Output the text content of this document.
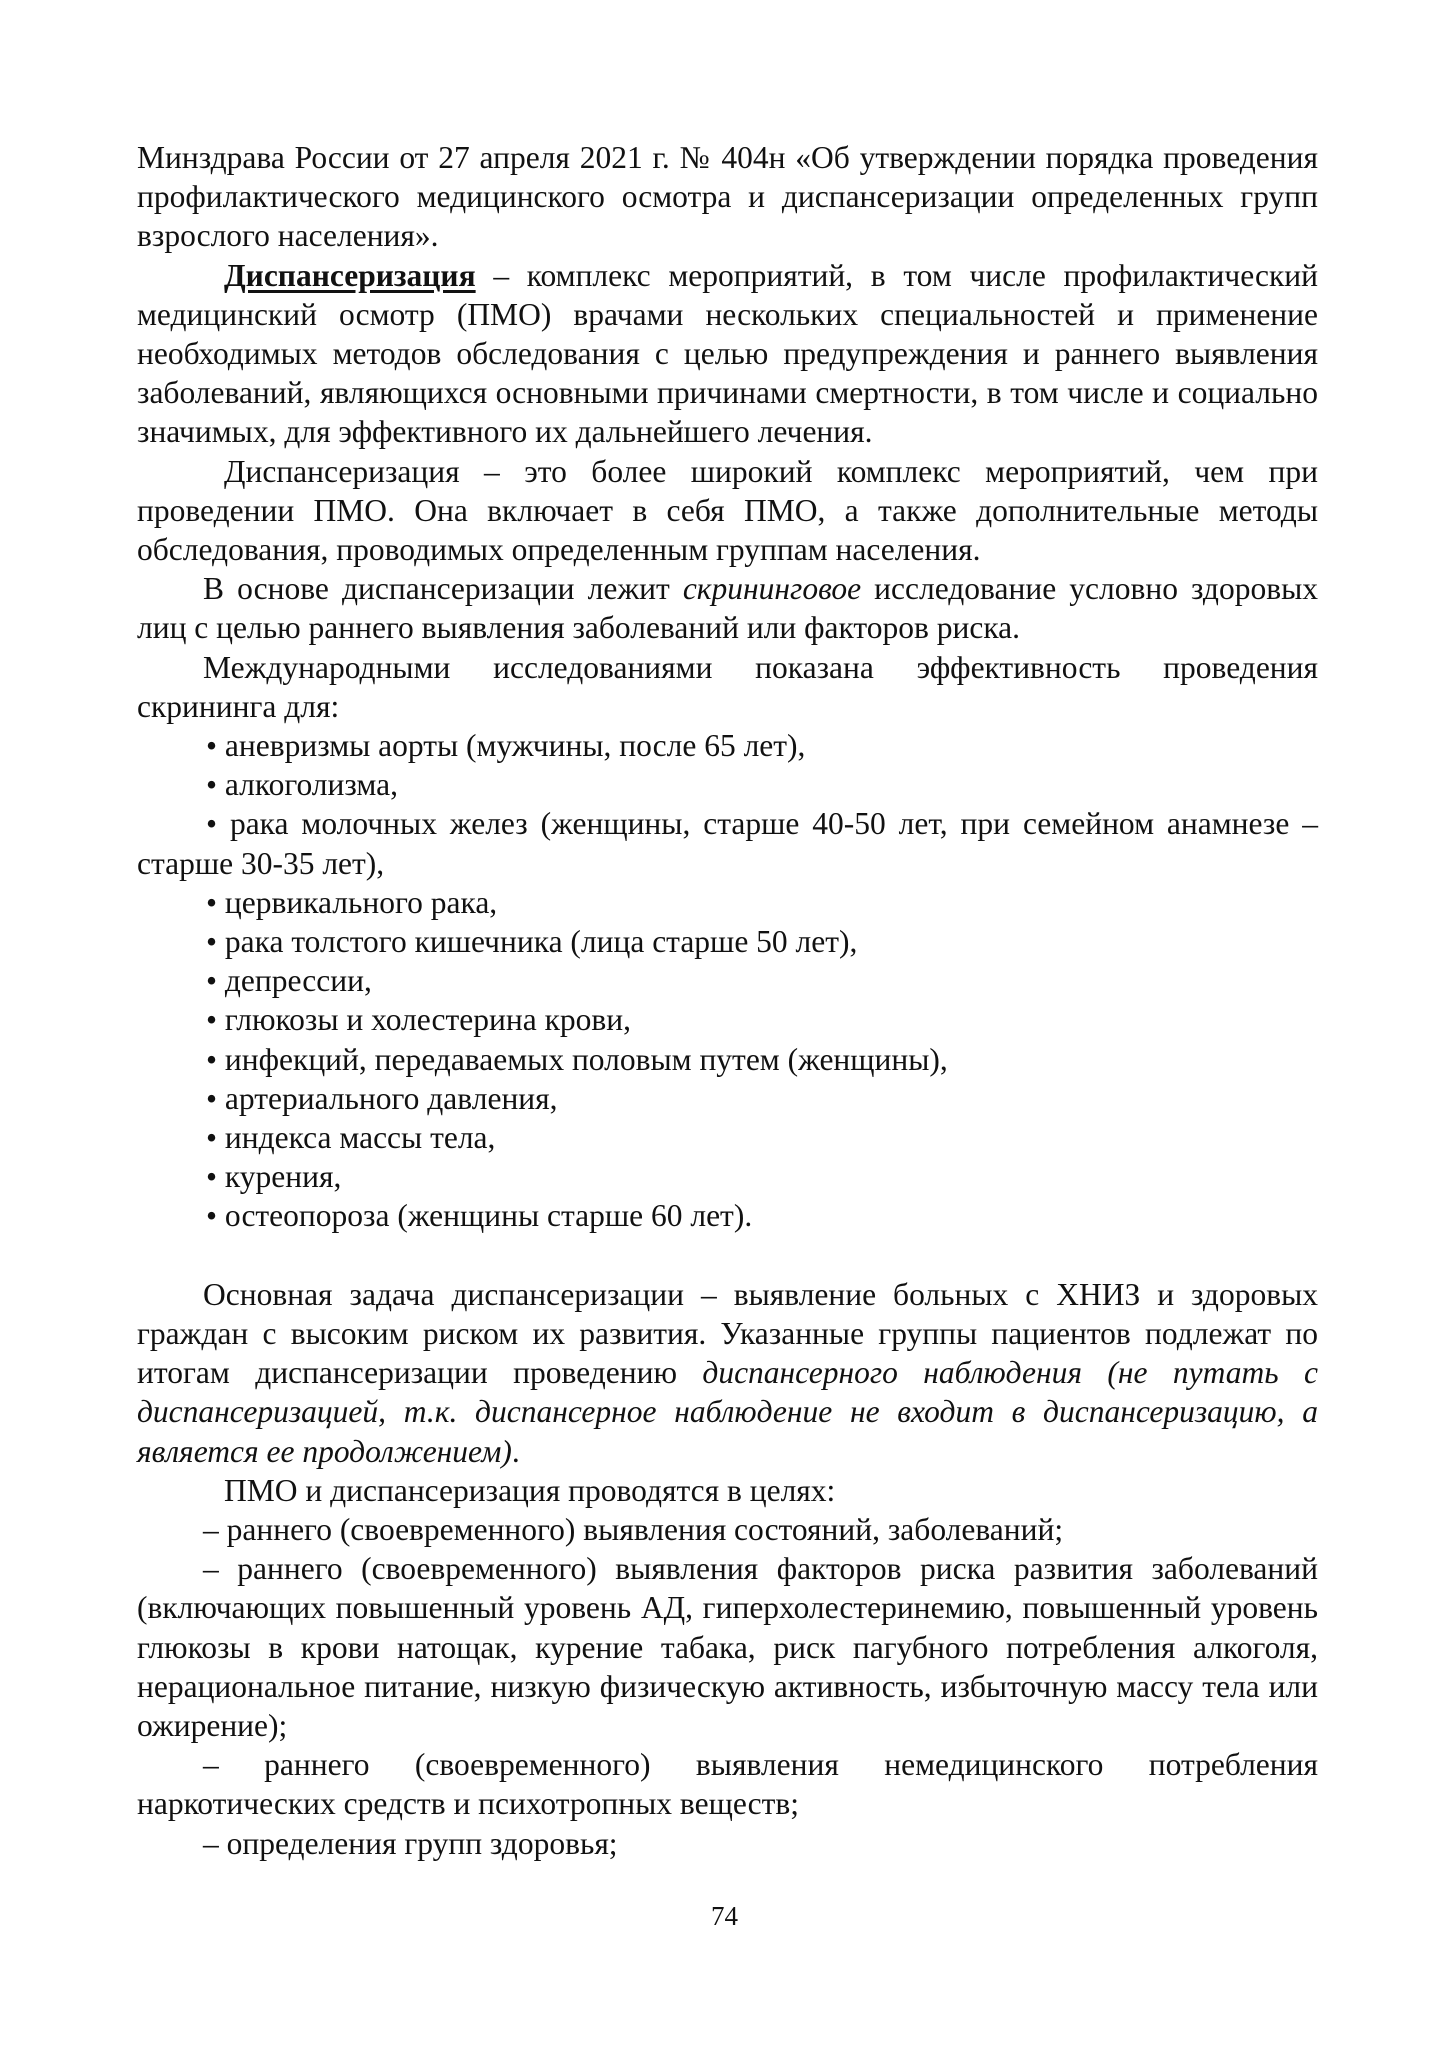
Минздрава России от 27 апреля 2021 г. № 404н «Об утверждении порядка проведения профилактического медицинского осмотра и диспансеризации определенных групп взрослого населения».

Диспансеризация – комплекс мероприятий, в том числе профилактический медицинский осмотр (ПМО) врачами нескольких специальностей и применение необходимых методов обследования с целью предупреждения и раннего выявления заболеваний, являющихся основными причинами смертности, в том числе и социально значимых, для эффективного их дальнейшего лечения.

Диспансеризация – это более широкий комплекс мероприятий, чем при проведении ПМО. Она включает в себя ПМО, а также дополнительные методы обследования, проводимых определенным группам населения.

В основе диспансеризации лежит скрининговое исследование условно здоровых лиц с целью раннего выявления заболеваний или факторов риска.

Международными исследованиями показана эффективность проведения скрининга для:

• аневризмы аорты (мужчины, после 65 лет),

• алкоголизма,

• рака молочных желез (женщины, старше 40-50 лет, при семейном анамнезе – старше 30-35 лет),

• цервикального рака,

• рака толстого кишечника (лица старше 50 лет),

• депрессии,

• глюкозы и холестерина крови,

• инфекций, передаваемых половым путем (женщины),

• артериального давления,

• индекса массы тела,

• курения,

• остеопороза (женщины старше 60 лет).

Основная задача диспансеризации – выявление больных с ХНИЗ и здоровых граждан с высоким риском их развития. Указанные группы пациентов подлежат по итогам диспансеризации проведению диспансерного наблюдения (не путать с диспансеризацией, т.к. диспансерное наблюдение не входит в диспансеризацию, а является ее продолжением).

ПМО и диспансеризация проводятся в целях:

– раннего (своевременного) выявления состояний, заболеваний;

– раннего (своевременного) выявления факторов риска развития заболеваний (включающих повышенный уровень АД, гиперхолестеринемию, повышенный уровень глюкозы в крови натощак, курение табака, риск пагубного потребления алкоголя, нерациональное питание, низкую физическую активность, избыточную массу тела или ожирение);

– раннего (своевременного) выявления немедицинского потребления наркотических средств и психотропных веществ;

– определения групп здоровья;

74
